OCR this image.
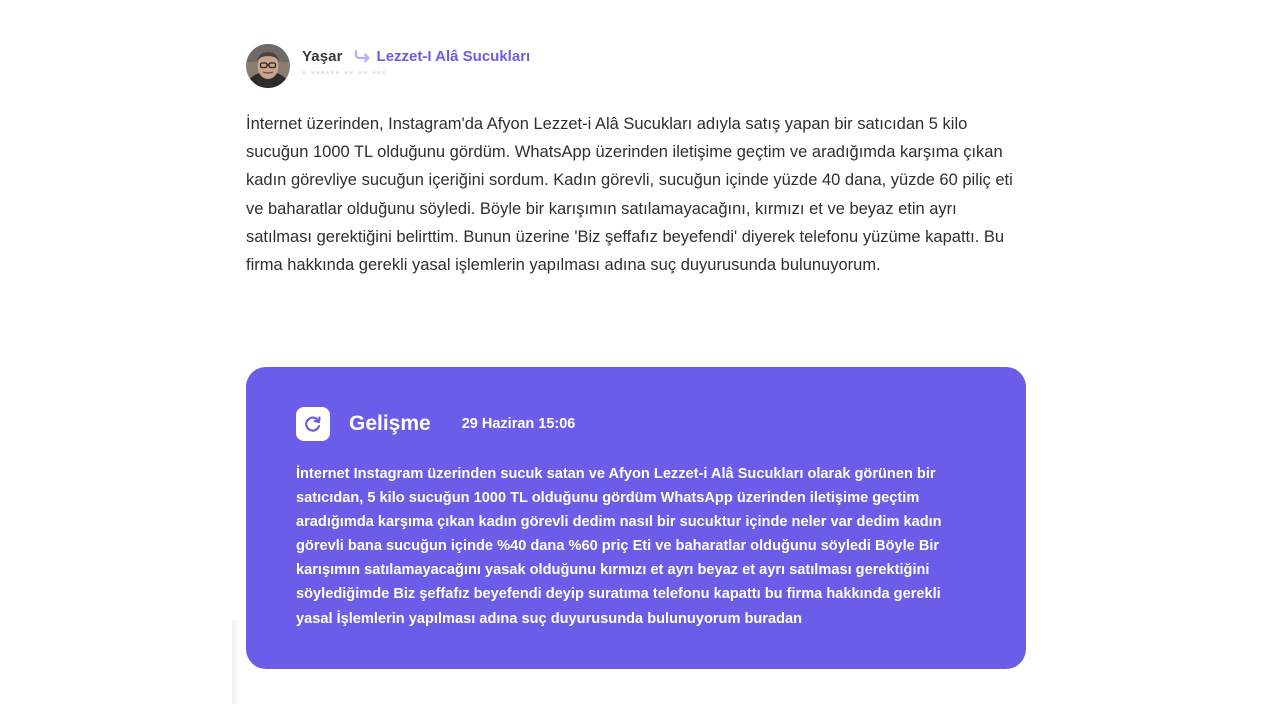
Yaşar Lezzet-I Alâ Sucukları
▪ ▪▪▪▪▪▪ ▪▪ ▪▪ ▪▪▪

İnternet üzerinden, Instagram'da Afyon Lezzet-i Alâ Sucukları adıyla satış yapan bir satıcıdan 5 kilo sucuğun 1000 TL olduğunu gördüm. WhatsApp üzerinden iletişime geçtim ve aradığımda karşıma çıkan kadın görevliye sucuğun içeriğini sordum. Kadın görevli, sucuğun içinde yüzde 40 dana, yüzde 60 piliç eti ve baharatlar olduğunu söyledi. Böyle bir karışımın satılamayacağını, kırmızı et ve beyaz etin ayrı satılması gerektiğini belirttim. Bunun üzerine 'Biz şeffafız beyefendi' diyerek telefonu yüzüme kapattı. Bu firma hakkında gerekli yasal işlemlerin yapılması adına suç duyurusunda bulunuyorum.

Gelişme 29 Haziran 15:06

İnternet Instagram üzerinden sucuk satan ve Afyon Lezzet-i Alâ Sucukları olarak görünen bir satıcıdan, 5 kilo sucuğun 1000 TL olduğunu gördüm WhatsApp üzerinden iletişime geçtim aradığımda karşıma çıkan kadın görevli dedim nasıl bir sucuktur içinde neler var dedim kadın görevli bana sucuğun içinde %40 dana %60 priç Eti ve baharatlar olduğunu söyledi Böyle Bir karışımın satılamayacağını yasak olduğunu kırmızı et ayrı beyaz et ayrı satılması gerektiğini söylediğimde Biz şeffafız beyefendi deyip suratıma telefonu kapattı bu firma hakkında gerekli yasal İşlemlerin yapılması adına suç duyurusunda bulunuyorum buradan
